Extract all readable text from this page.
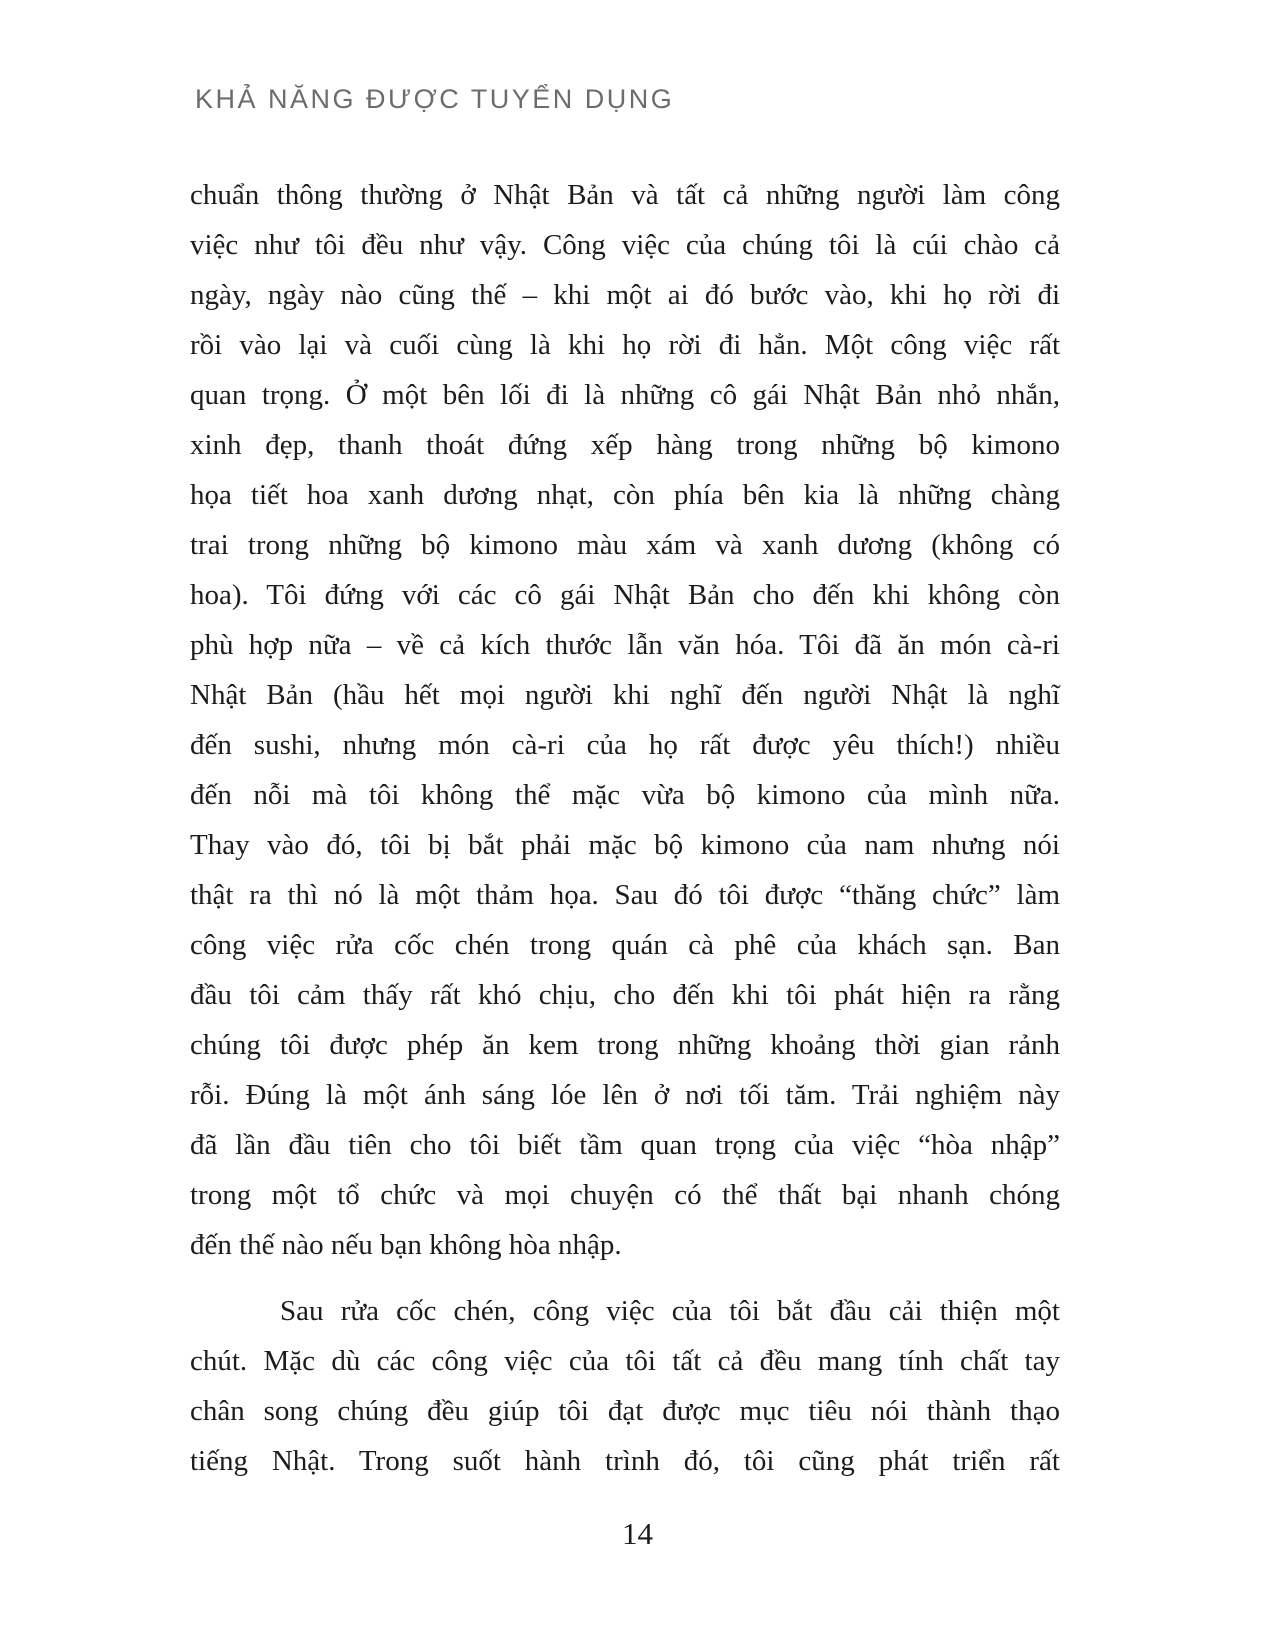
KHẢ NĂNG ĐƯỢC TUYỂN DỤNG
chuẩn thông thường ở Nhật Bản và tất cả những người làm công
việc như tôi đều như vậy. Công việc của chúng tôi là cúi chào cả
ngày, ngày nào cũng thế – khi một ai đó bước vào, khi họ rời đi
rồi vào lại và cuối cùng là khi họ rời đi hẳn. Một công việc rất
quan trọng. Ở một bên lối đi là những cô gái Nhật Bản nhỏ nhắn,
xinh đẹp, thanh thoát đứng xếp hàng trong những bộ kimono
họa tiết hoa xanh dương nhạt, còn phía bên kia là những chàng
trai trong những bộ kimono màu xám và xanh dương (không có
hoa). Tôi đứng với các cô gái Nhật Bản cho đến khi không còn
phù hợp nữa – về cả kích thước lẫn văn hóa. Tôi đã ăn món cà-ri
Nhật Bản (hầu hết mọi người khi nghĩ đến người Nhật là nghĩ
đến sushi, nhưng món cà-ri của họ rất được yêu thích!) nhiều
đến nỗi mà tôi không thể mặc vừa bộ kimono của mình nữa.
Thay vào đó, tôi bị bắt phải mặc bộ kimono của nam nhưng nói
thật ra thì nó là một thảm họa. Sau đó tôi được “thăng chức” làm
công việc rửa cốc chén trong quán cà phê của khách sạn. Ban
đầu tôi cảm thấy rất khó chịu, cho đến khi tôi phát hiện ra rằng
chúng tôi được phép ăn kem trong những khoảng thời gian rảnh
rỗi. Đúng là một ánh sáng lóe lên ở nơi tối tăm. Trải nghiệm này
đã lần đầu tiên cho tôi biết tầm quan trọng của việc “hòa nhập”
trong một tổ chức và mọi chuyện có thể thất bại nhanh chóng
đến thế nào nếu bạn không hòa nhập.
Sau rửa cốc chén, công việc của tôi bắt đầu cải thiện một
chút. Mặc dù các công việc của tôi tất cả đều mang tính chất tay
chân song chúng đều giúp tôi đạt được mục tiêu nói thành thạo
tiếng Nhật. Trong suốt hành trình đó, tôi cũng phát triển rất
14
